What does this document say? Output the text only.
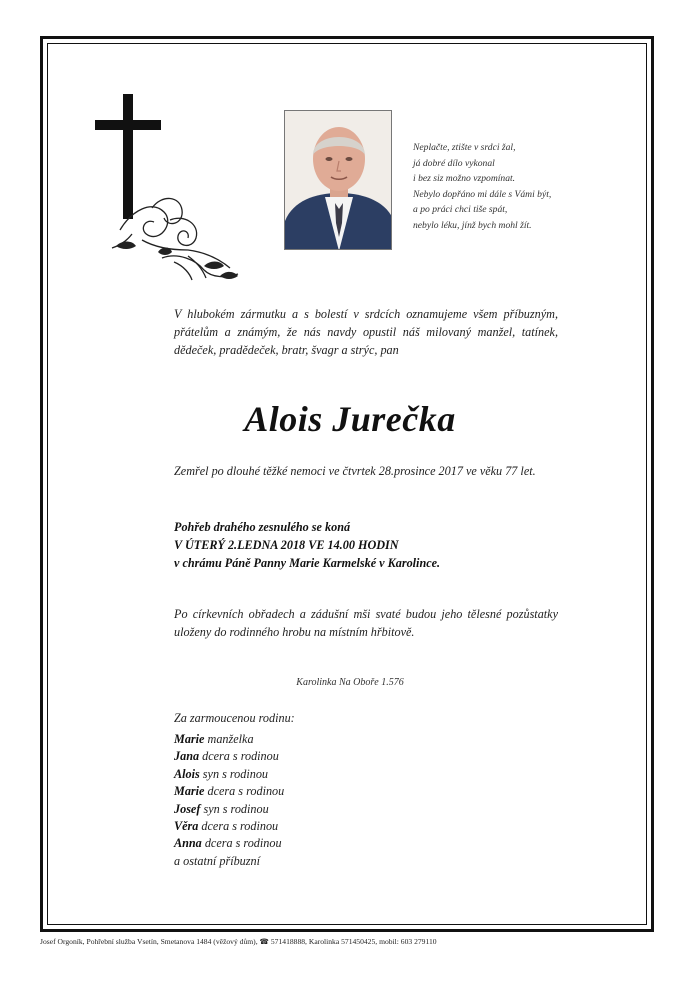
Neplačte, ztište v srdci žal,
já dobré dílo vykonal
i bez siz možno vzpomínat.
Nebylo dopřáno mi dále s Vámi být,
a po práci chci tiše spát,
nebylo léku, jínž bych mohl žít.
V hlubokém zármutku a s bolestí v srdcích oznamujeme všem příbuzným, přátelům a známým, že nás navdy opustil náš milovaný manžel, tatínek, dědeček, pradědeček, bratr, švagr a strýc, pan
Alois Jurečka
Zemřel po dlouhé těžké nemoci ve čtvrtek 28.prosince 2017 ve věku 77 let.
Pohřeb drahého zesnulého se koná
V ÚTERÝ 2.LEDNA 2018 VE 14.00 HODIN
v chrámu Páně Panny Marie Karmelské v Karolince.
Po církevních obřadech a zádušní mši svaté budou jeho tělesné pozůstatky uloženy do rodinného hrobu na místním hřbitově.
Karolinka Na Oboře 1.576
Za zarmoucenou rodinu:
Marie manželka
Jana dcera s rodinou
Alois syn s rodinou
Marie dcera s rodinou
Josef syn s rodinou
Věra dcera s rodinou
Anna dcera s rodinou
a ostatní příbuzní
Josef Orgoník, Pohřební služba Vsetín, Smetanova 1484 (věžový dům), ☎ 571418888, Karolinka 571450425, mobil: 603 279110
